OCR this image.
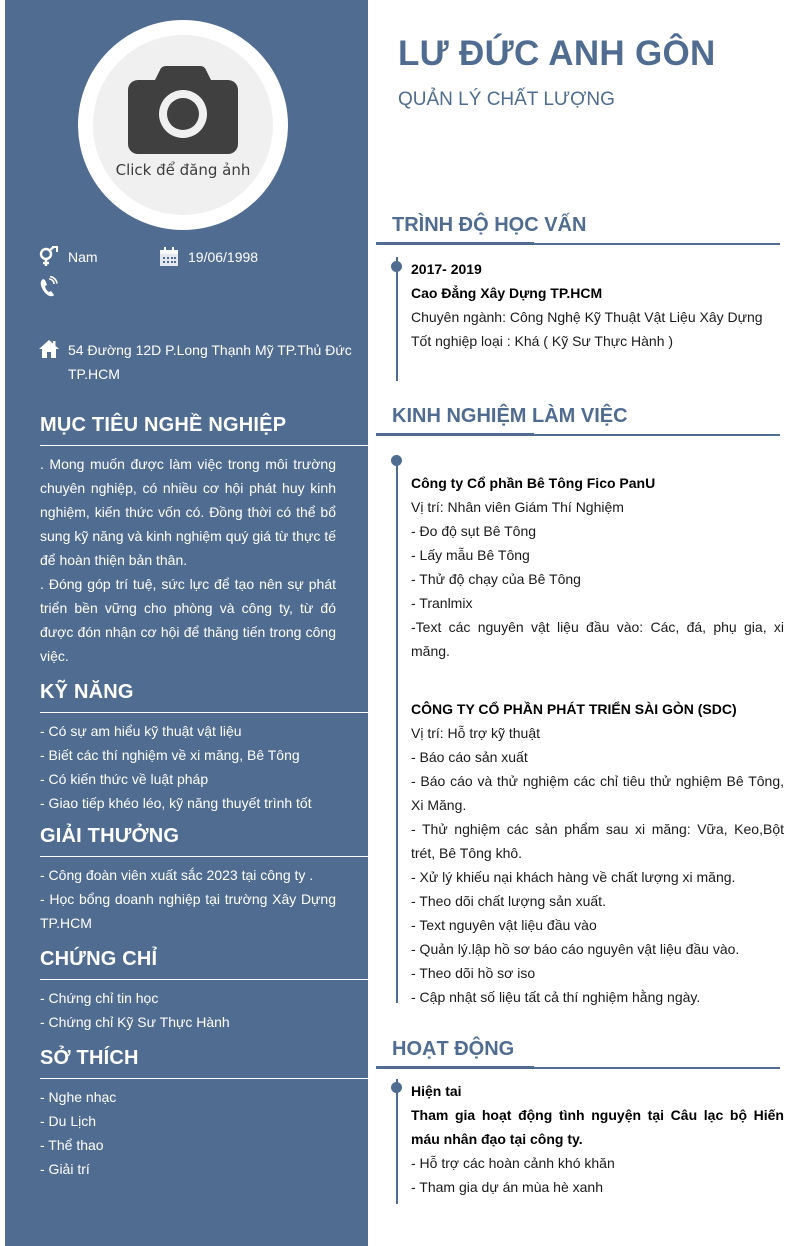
Click để đăng ảnh
Nam	19/06/1998
54 Đường 12D P.Long Thạnh Mỹ TP.Thủ Đức TP.HCM
MỤC TIÊU NGHỀ NGHIỆP
. Mong muốn được làm việc trong môi trường chuyên nghiệp, có nhiều cơ hội phát huy kinh nghiệm, kiến thức vốn có. Đồng thời có thể bổ sung kỹ năng và kinh nghiệm quý giá từ thực tế để hoàn thiện bản thân.
. Đóng góp trí tuệ, sức lực để tạo nên sự phát triển bền vững cho phòng và công ty, từ đó được đón nhận cơ hội để thăng tiến trong công việc.
KỸ NĂNG
- Có sự am hiểu kỹ thuật vật liệu
- Biết các thí nghiệm về xi măng, Bê Tông
- Có kiến thức về luật pháp
- Giao tiếp khéo léo, kỹ năng thuyết trình tốt
GIẢI THƯỞNG
- Công đoàn viên xuất sắc 2023 tại công ty .
- Học bổng doanh nghiệp tại trường Xây Dựng TP.HCM
CHỨNG CHỈ
- Chứng chỉ tin học
- Chứng chỉ Kỹ Sư Thực Hành
SỞ THÍCH
- Nghe nhạc
- Du Lịch
- Thể thao
- Giải trí
LƯ ĐỨC ANH GÔN
QUẢN LÝ CHẤT LƯỢNG
TRÌNH ĐỘ HỌC VẤN
2017- 2019
Cao Đẳng Xây Dựng TP.HCM
Chuyên ngành: Công Nghệ Kỹ Thuật Vật Liệu Xây Dựng
Tốt nghiệp loại : Khá ( Kỹ Sư Thực Hành )
KINH NGHIỆM LÀM VIỆC
Công ty Cổ phần Bê Tông Fico PanU
Vị trí: Nhân viên Giám Thí Nghiệm
- Đo độ sụt Bê Tông
- Lấy mẫu Bê Tông
- Thử độ chạy của Bê Tông
- Tranlmix
-Text các nguyên vật liệu đầu vào: Các, đá, phụ gia, xi măng.
CÔNG TY CỔ PHẦN PHÁT TRIỂN SÀI GÒN (SDC)
Vị trí: Hỗ trợ kỹ thuật
- Báo cáo sản xuất
- Báo cáo và thử nghiệm các chỉ tiêu thử nghiệm Bê Tông, Xi Măng.
- Thử nghiệm các sản phẩm sau xi măng: Vữa, Keo,Bột trét, Bê Tông khô.
- Xử lý khiếu nại khách hàng về chất lượng xi măng.
- Theo dõi chất lượng sản xuất.
- Text nguyên vật liệu đầu vào
- Quản lý.lập hồ sơ báo cáo nguyên vật liệu đầu vào.
- Theo dõi hồ sơ iso
- Cập nhật số liệu tất cả thí nghiệm hằng ngày.
HOẠT ĐỘNG
Hiện tai
Tham gia hoạt động tình nguyện tại Câu lạc bộ Hiến máu nhân đạo tại công ty.
- Hỗ trợ các hoàn cảnh khó khăn
- Tham gia dự án mùa hè xanh
